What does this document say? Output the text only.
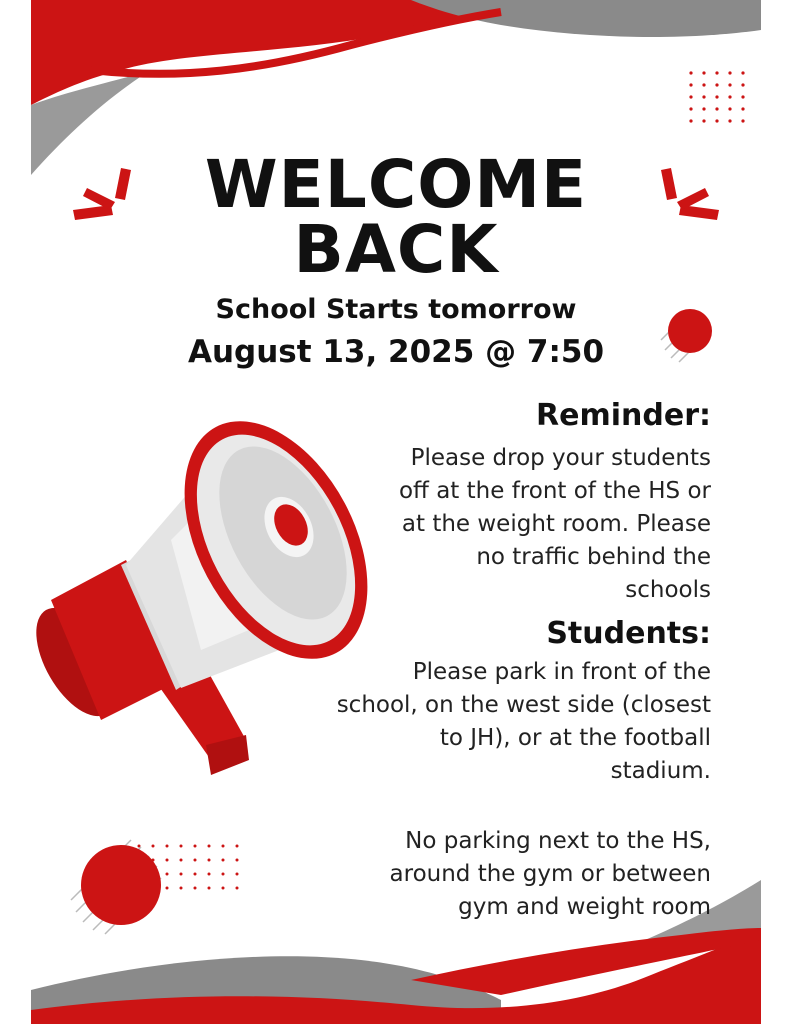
WELCOME
BACK
School Starts tomorrow
August 13, 2025 @ 7:50
Reminder:
Please drop your students
off at the front of the HS or
at the weight room. Please
no traffic behind the
schools
Students:
Please park in front of the
school, on the west side (closest
to JH), or at the football
stadium.
No parking next to the HS,
around the gym or between
gym and weight room
